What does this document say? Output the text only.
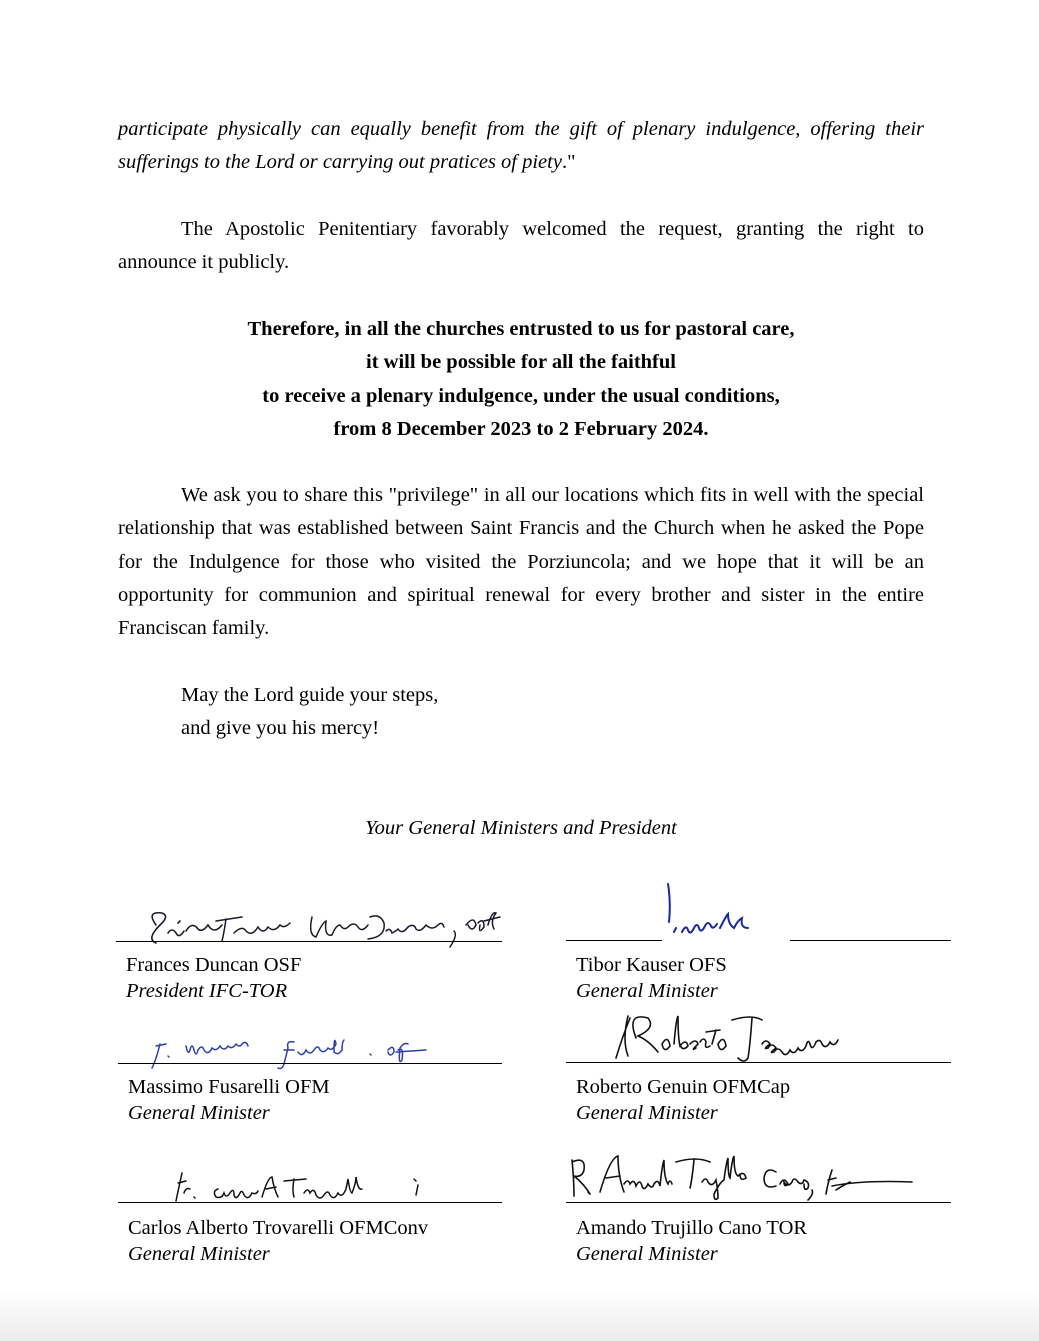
participate physically can equally benefit from the gift of plenary indulgence, offering their sufferings to the Lord or carrying out pratices of piety."

The Apostolic Penitentiary favorably welcomed the request, granting the right to announce it publicly.

Therefore, in all the churches entrusted to us for pastoral care,
it will be possible for all the faithful
to receive a plenary indulgence, under the usual conditions,
from 8 December 2023 to 2 February 2024.

We ask you to share this "privilege" in all our locations which fits in well with the special relationship that was established between Saint Francis and the Church when he asked the Pope for the Indulgence for those who visited the Porziuncola; and we hope that it will be an opportunity for communion and spiritual renewal for every brother and sister in the entire Franciscan family.

May the Lord guide your steps,
and give you his mercy!
Your General Ministers and President
Frances Duncan OSF
President IFC-TOR
Tibor Kauser OFS
General Minister
Massimo Fusarelli OFM
General Minister
Roberto Genuin OFMCap
General Minister
Carlos Alberto Trovarelli OFMConv
General Minister
Amando Trujillo Cano TOR
General Minister
